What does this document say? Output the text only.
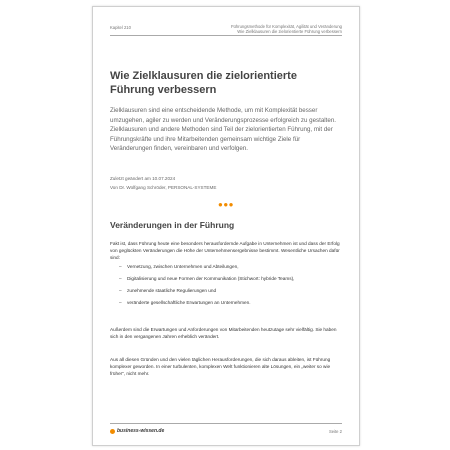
Kapitel 210	Führungsmethode für Komplexität, Agilität und Veränderung
Wie Zielklausuren die zielorientierte Führung verbessern
Wie Zielklausuren die zielorientierte Führung verbessern
Zielklausuren sind eine entscheidende Methode, um mit Komplexität besser umzugehen, agiler zu werden und Veränderungsprozesse erfolgreich zu gestalten. Zielklausuren und andere Methoden sind Teil der zielorientierten Führung, mit der Führungskräfte und ihre Mitarbeitenden gemeinsam wichtige Ziele für Veränderungen finden, vereinbaren und verfolgen.
Zuletzt geändert am 10.07.2024
Von Dr. Wolfgang Schröder, PERSONAL-SYSTEME
●●●
Veränderungen in der Führung
Fakt ist, dass Führung heute eine besonders herausfordernde Aufgabe in Unternehmen ist und dass der Erfolg von geglückten Veränderungen die Höhe der Unternehmensergebnisse bestimmt. Wesentliche Ursachen dafür sind:
– Vernetzung, zwischen Unternehmen und Abteilungen,
– Digitalisierung und neue Formen der Kommunikation (Stichwort: hybride Teams),
– zunehmende staatliche Regulierungen und
– veränderte gesellschaftliche Erwartungen an Unternehmen.
Außerdem sind die Erwartungen und Anforderungen von Mitarbeitenden heutzutage sehr vielfältig. Sie haben sich in den vergangenen Jahren erheblich verändert.
Aus all diesen Gründen und den vielen täglichen Herausforderungen, die sich daraus ableiten, ist Führung komplexer geworden. In einer turbulenten, komplexen Welt funktionieren alte Lösungen, ein „weiter so wie früher“, nicht mehr.
business-wissen.de	Seite 2
